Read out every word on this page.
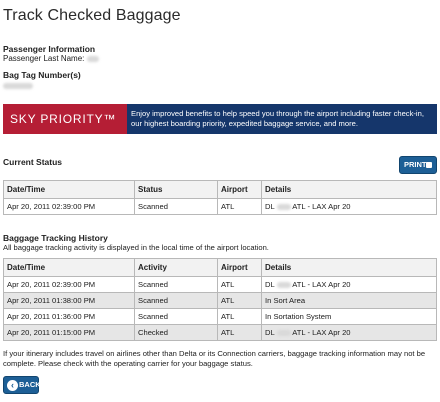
Track Checked Baggage
Passenger Information
Passenger Last Name:
Bag Tag Number(s)
SKY PRIORITY™	Enjoy improved benefits to help speed you through the airport including faster check-in, our highest boarding priority, expedited baggage service, and more.
Current Status	PRINT
Date/Time	Status	Airport	Details
Apr 20, 2011 02:39:00 PM	Scanned	ATL	DL ATL - LAX Apr 20
Baggage Tracking History
All baggage tracking activity is displayed in the local time of the airport location.
Date/Time	Activity	Airport	Details
Apr 20, 2011 02:39:00 PM	Scanned	ATL	DL ATL - LAX Apr 20
Apr 20, 2011 01:38:00 PM	Scanned	ATL	In Sort Area
Apr 20, 2011 01:36:00 PM	Scanned	ATL	In Sortation System
Apr 20, 2011 01:15:00 PM	Checked	ATL	DL ATL - LAX Apr 20
If your itinerary includes travel on airlines other than Delta or its Connection carriers, baggage tracking information may not be complete. Please check with the operating carrier for your baggage status.
‹ BACK
